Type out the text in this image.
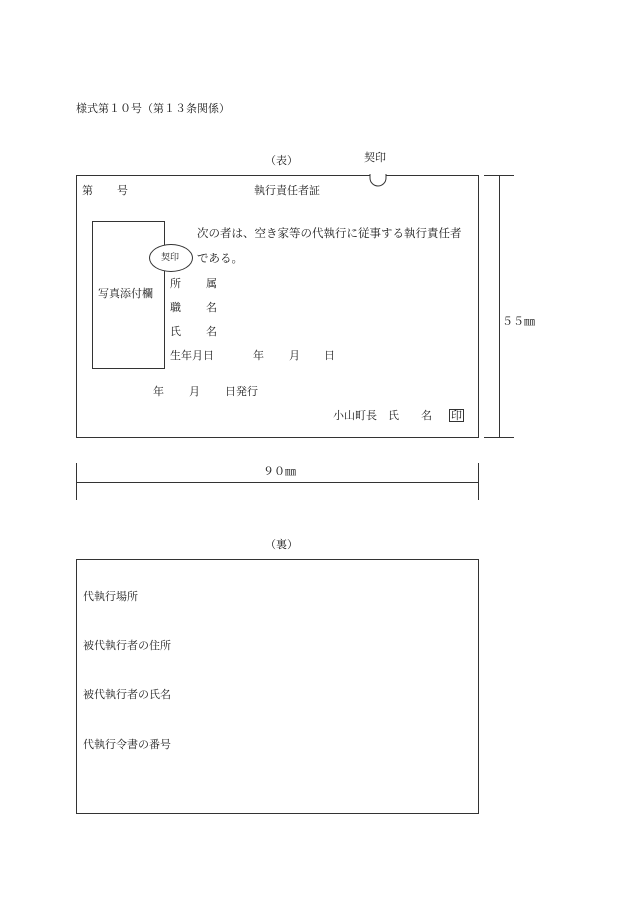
様式第１０号（第１３条関係）
（表）	契印
第 号	執行責任者証
写真添付欄
契印
次の者は、空き家等の代執行に従事する執行責任者
である。
所 属
職 名
氏 名
生年月日	年 月 日
年 月 日発行
小山町長　氏　　名 印
５５㎜
９０㎜
（裏）
代執行場所
被代執行者の住所
被代執行者の氏名
代執行令書の番号
